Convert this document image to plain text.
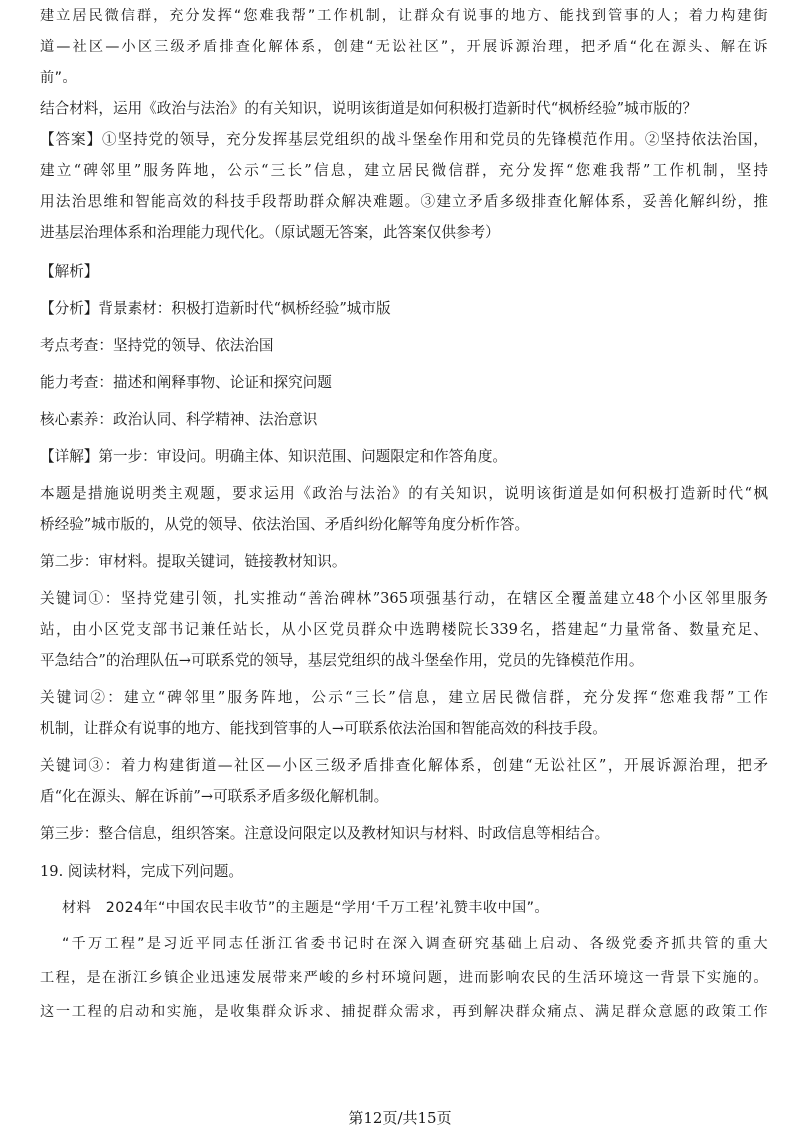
建立居民微信群，充分发挥“您难我帮”工作机制，让群众有说事的地方、能找到管事的人；着力构建街
道—社区—小区三级矛盾排查化解体系，创建“无讼社区”，开展诉源治理，把矛盾“化在源头、解在诉
前”。
结合材料，运用《政治与法治》的有关知识，说明该街道是如何积极打造新时代“枫桥经验”城市版的？
【答案】①坚持党的领导，充分发挥基层党组织的战斗堡垒作用和党员的先锋模范作用。②坚持依法治国，
建立“碑邻里”服务阵地，公示“三长”信息，建立居民微信群，充分发挥“您难我帮”工作机制，坚持
用法治思维和智能高效的科技手段帮助群众解决难题。③建立矛盾多级排查化解体系，妥善化解纠纷，推
进基层治理体系和治理能力现代化。（原试题无答案，此答案仅供参考）
【解析】
【分析】背景素材：积极打造新时代“枫桥经验”城市版
考点考查：坚持党的领导、依法治国
能力考查：描述和阐释事物、论证和探究问题
核心素养：政治认同、科学精神、法治意识
【详解】第一步：审设问。明确主体、知识范围、问题限定和作答角度。
本题是措施说明类主观题，要求运用《政治与法治》的有关知识，说明该街道是如何积极打造新时代“枫
桥经验”城市版的，从党的领导、依法治国、矛盾纠纷化解等角度分析作答。
第二步：审材料。提取关键词，链接教材知识。
关键词①：坚持党建引领，扎实推动“善治碑林”365项强基行动，在辖区全覆盖建立48个小区邻里服务
站，由小区党支部书记兼任站长，从小区党员群众中选聘楼院长339名，搭建起“力量常备、数量充足、
平急结合”的治理队伍→可联系党的领导，基层党组织的战斗堡垒作用，党员的先锋模范作用。
关键词②：建立“碑邻里”服务阵地，公示“三长”信息，建立居民微信群，充分发挥“您难我帮”工作
机制，让群众有说事的地方、能找到管事的人→可联系依法治国和智能高效的科技手段。
关键词③：着力构建街道—社区—小区三级矛盾排查化解体系，创建“无讼社区”，开展诉源治理，把矛
盾“化在源头、解在诉前”→可联系矛盾多级化解机制。
第三步：整合信息，组织答案。注意设问限定以及教材知识与材料、时政信息等相结合。
19. 阅读材料，完成下列问题。
材料　2024年“中国农民丰收节”的主题是“学用‘千万工程’礼赞丰收中国”。
“千万工程”是习近平同志任浙江省委书记时在深入调查研究基础上启动、各级党委齐抓共管的重大
工程，是在浙江乡镇企业迅速发展带来严峻的乡村环境问题，进而影响农民的生活环境这一背景下实施的。
这一工程的启动和实施，是收集群众诉求、捕捉群众需求，再到解决群众痛点、满足群众意愿的政策工作
第12页/共15页
